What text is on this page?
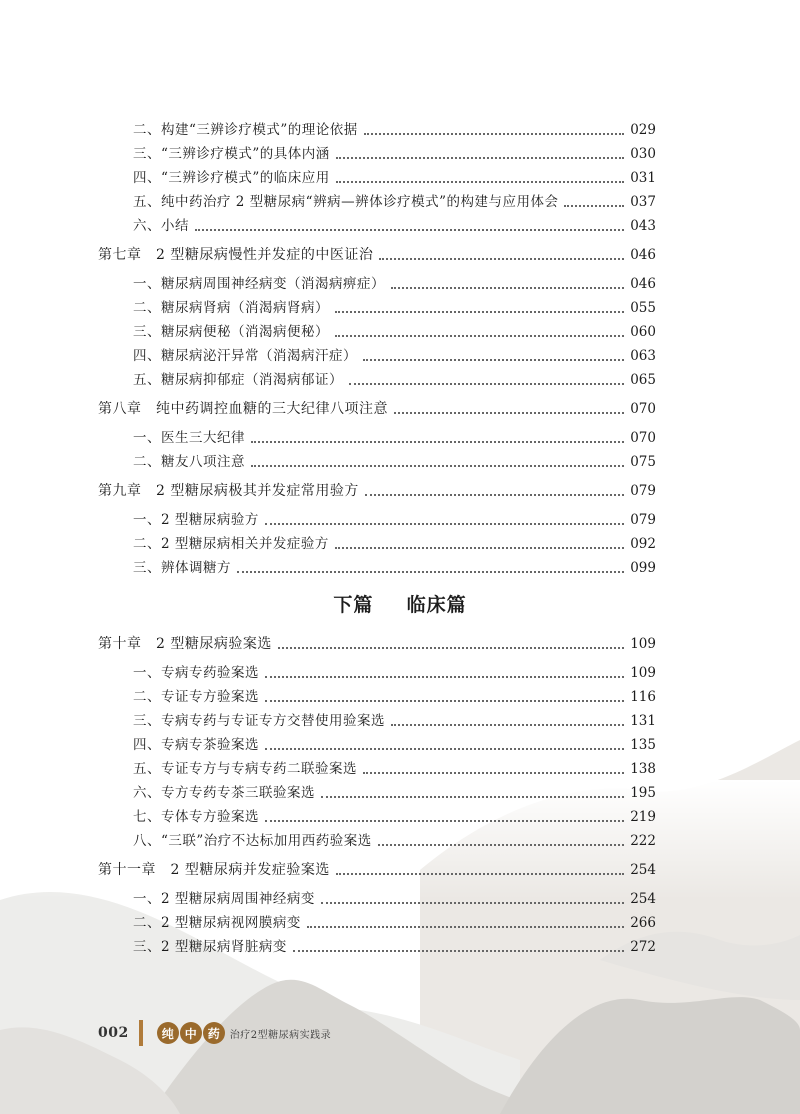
二、构建“三辨诊疗模式”的理论依据	029
三、“三辨诊疗模式”的具体内涵	030
四、“三辨诊疗模式”的临床应用	031
五、纯中药治疗 2 型糖尿病“辨病—辨体诊疗模式”的构建与应用体会	037
六、小结	043
第七章　2 型糖尿病慢性并发症的中医证治	046
一、糖尿病周围神经病变（消渴病痹症）	046
二、糖尿病肾病（消渴病肾病）	055
三、糖尿病便秘（消渴病便秘）	060
四、糖尿病泌汗异常（消渴病汗症）	063
五、糖尿病抑郁症（消渴病郁证）	065
第八章　纯中药调控血糖的三大纪律八项注意	070
一、医生三大纪律	070
二、糖友八项注意	075
第九章　2 型糖尿病极其并发症常用验方	079
一、2 型糖尿病验方	079
二、2 型糖尿病相关并发症验方	092
三、辨体调糖方	099
第十章　2 型糖尿病验案选	109
一、专病专药验案选	109
二、专证专方验案选	116
三、专病专药与专证专方交替使用验案选	131
四、专病专茶验案选	135
五、专证专方与专病专药二联验案选	138
六、专方专药专茶三联验案选	195
七、专体专方验案选	219
八、“三联”治疗不达标加用西药验案选	222
第十一章　2 型糖尿病并发症验案选	254
一、2 型糖尿病周围神经病变	254
二、2 型糖尿病视网膜病变	266
三、2 型糖尿病肾脏病变	272
下篇 临床篇
002	纯 中 药	治疗2型糖尿病实践录
